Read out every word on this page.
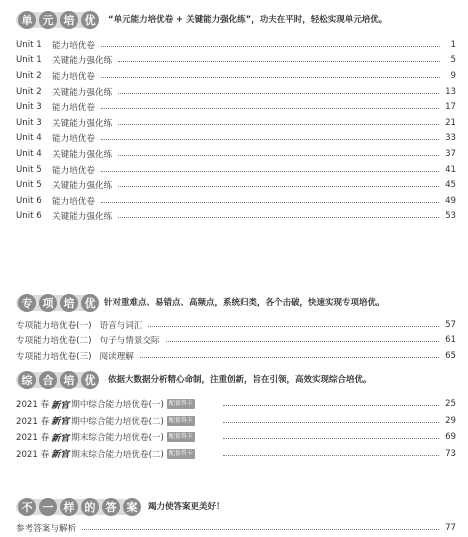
单 元 培 优	“单元能力培优卷 + 关键能力强化练”，功夫在平时，轻松实现单元培优。
Unit 1	能力培优卷	1
Unit 1	关键能力强化练	5
Unit 2	能力培优卷	9
Unit 2	关键能力强化练	13
Unit 3	能力培优卷	17
Unit 3	关键能力强化练	21
Unit 4	能力培优卷	33
Unit 4	关键能力强化练	37
Unit 5	能力培优卷	41
Unit 5	关键能力强化练	45
Unit 6	能力培优卷	49
Unit 6	关键能力强化练	53
专 项 培 优	针对重难点、易错点、高频点，系统归类，各个击破，快速实现专项培优。
专项能力培优卷(一) 语音与词汇	57
专项能力培优卷(二) 句子与情景交际	61
专项能力培优卷(三) 阅读理解	65
综 合 培 优	依据大数据分析精心命制，注重创新，旨在引领，高效实现综合培优。
2021 春 新官 期中综合能力培优卷(一) 配套答卡	25
2021 春 新官 期中综合能力培优卷(二) 配套答卡	29
2021 春 新官 期末综合能力培优卷(一) 配套答卡	69
2021 春 新官 期末综合能力培优卷(二) 配套答卡	73
不 一 样 的 答 案	竭力使答案更美好！
参考答案与解析	77
